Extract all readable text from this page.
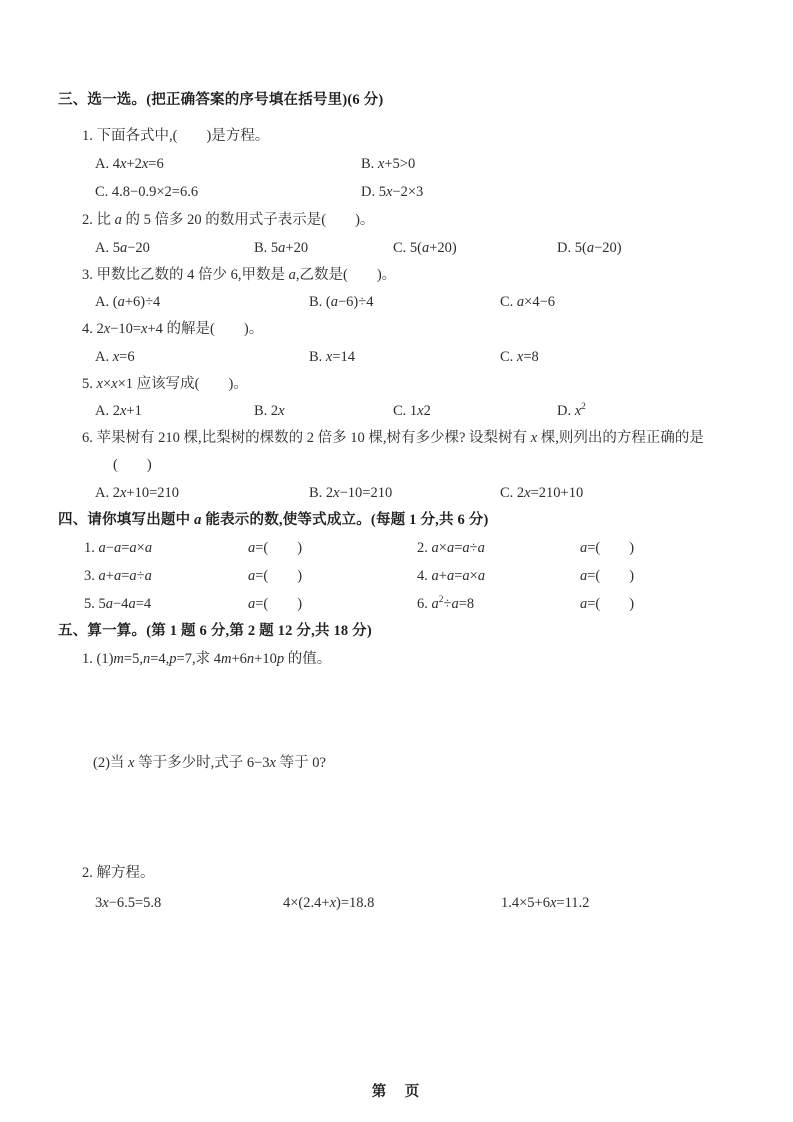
三、选一选。(把正确答案的序号填在括号里)(6 分)
1. 下面各式中,(　　)是方程。
A. 4x+2x=6	B. x+5>0
C. 4.8−0.9×2=6.6	D. 5x−2×3
2. 比 a 的 5 倍多 20 的数用式子表示是(　　)。
A. 5a−20	B. 5a+20	C. 5(a+20)	D. 5(a−20)
3. 甲数比乙数的 4 倍少 6,甲数是 a,乙数是(　　)。
A. (a+6)÷4	B. (a−6)÷4	C. a×4−6
4. 2x−10=x+4 的解是(　　)。
A. x=6	B. x=14	C. x=8
5. x×x×1 应该写成(　　)。
A. 2x+1	B. 2x	C. 1x2	D. $x^2$
6. 苹果树有 210 棵,比梨树的棵数的 2 倍多 10 棵,树有多少棵? 设梨树有 x 棵,则列出的方程正确的是
(　　)
A. 2x+10=210	B. 2x−10=210	C. 2x=210+10
四、请你填写出题中 a 能表示的数,使等式成立。(每题 1 分,共 6 分)
1. a−a=a×a	a=(　　)	2. a×a=a÷a	a=(　　)
3. a+a=a÷a	a=(　　)	4. a+a=a×a	a=(　　)
5. 5a−4a=4	a=(　　)	6. $a^2\div a=8$	a=(　　)
五、算一算。(第 1 题 6 分,第 2 题 12 分,共 18 分)
1. (1)m=5,n=4,p=7,求 4m+6n+10p 的值。
(2)当 x 等于多少时,式子 6−3x 等于 0?
2. 解方程。
3x−6.5=5.8	4×(2.4+x)=18.8	1.4×5+6x=11.2
第　页
